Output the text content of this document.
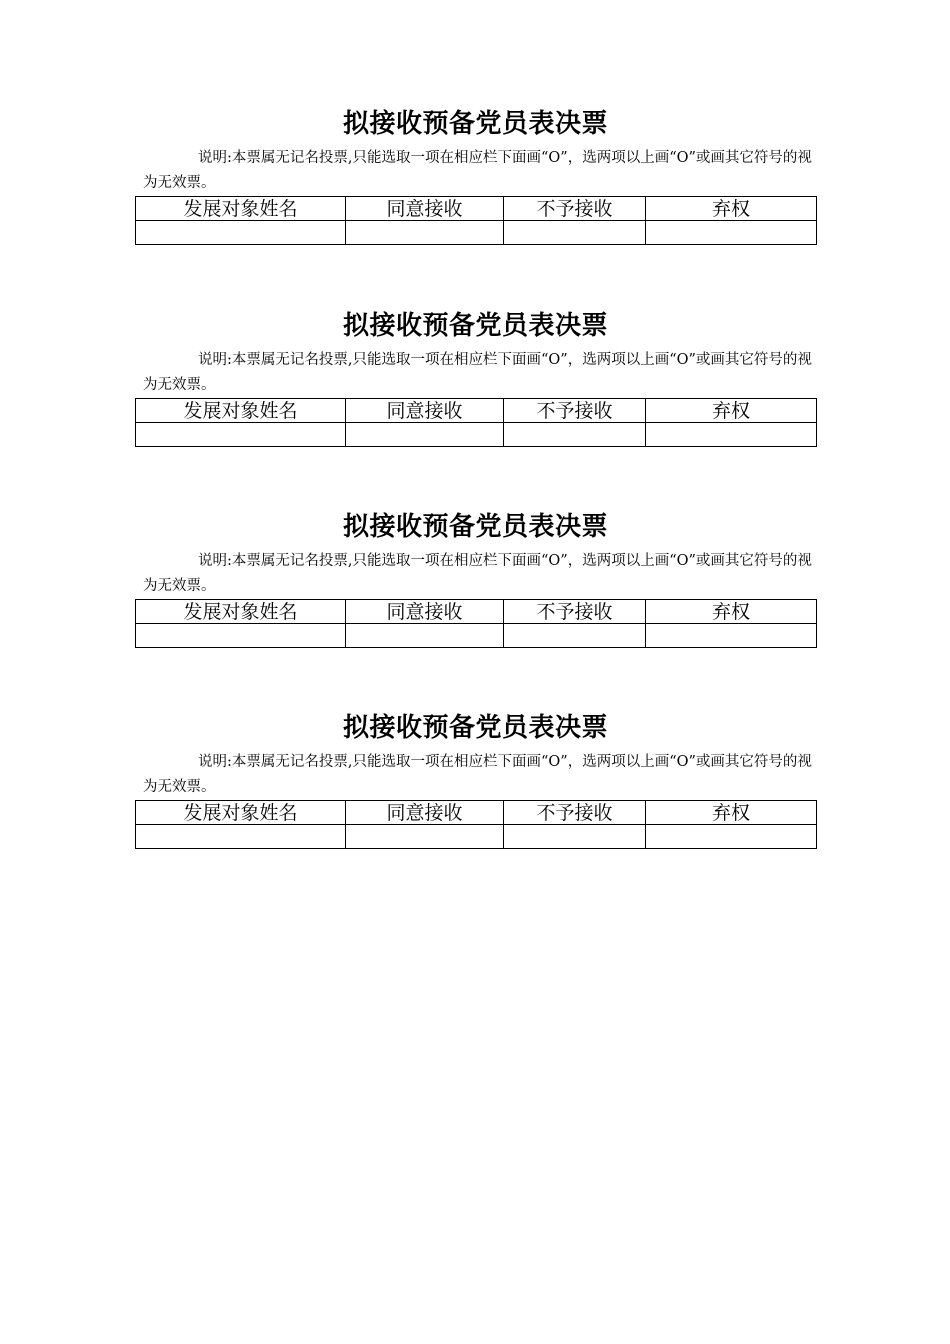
拟接收预备党员表决票

说明:本票属无记名投票,只能选取一项在相应栏下面画“O”，选两项以上画“O”或画其它符号的视为无效票。

发展对象姓名	同意接收	不予接收	弃权

拟接收预备党员表决票

说明:本票属无记名投票,只能选取一项在相应栏下面画“O”，选两项以上画“O”或画其它符号的视为无效票。

发展对象姓名	同意接收	不予接收	弃权

拟接收预备党员表决票

说明:本票属无记名投票,只能选取一项在相应栏下面画“O”，选两项以上画“O”或画其它符号的视为无效票。

发展对象姓名	同意接收	不予接收	弃权

拟接收预备党员表决票

说明:本票属无记名投票,只能选取一项在相应栏下面画“O”，选两项以上画“O”或画其它符号的视为无效票。

发展对象姓名	同意接收	不予接收	弃权
